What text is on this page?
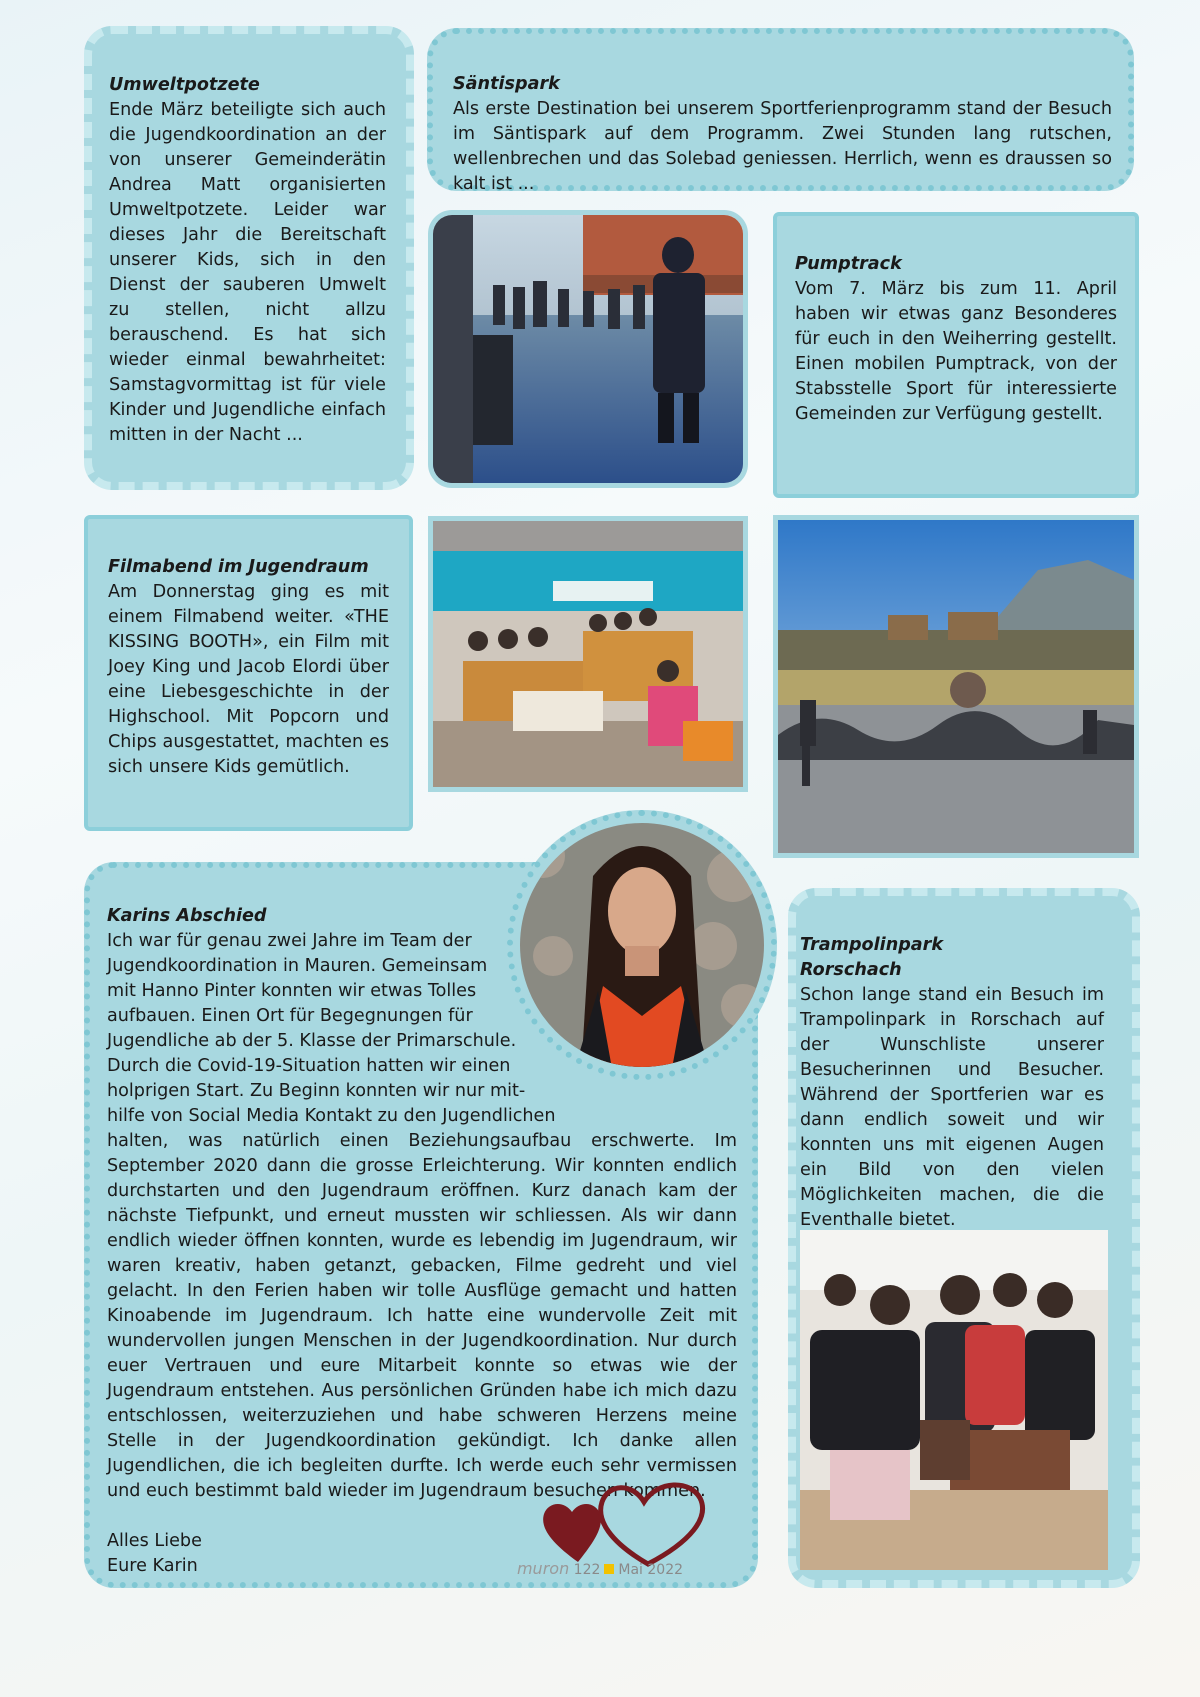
Umweltpotzete
Ende März beteiligte sich auch die Jugendkoordination an der von unserer Gemeinderätin Andrea Matt organisierten Umweltpotzete. Leider war dieses Jahr die Bereitschaft unserer Kids, sich in den Dienst der sauberen Umwelt zu stellen, nicht allzu berauschend. Es hat sich wieder einmal bewahrheitet: Samstagvormittag ist für viele Kinder und Jugendliche einfach mitten in der Nacht ...
Säntispark
Als erste Destination bei unserem Sportferienprogramm stand der Besuch im Säntispark auf dem Programm. Zwei Stunden lang rutschen, wellenbrechen und das Solebad geniessen. Herrlich, wenn es draussen so kalt ist ...
Pumptrack
Vom 7. März bis zum 11. April haben wir etwas ganz Besonderes für euch in den Weiherring gestellt. Einen mobilen Pumptrack, von der Stabsstelle Sport für interessierte Gemeinden zur Verfügung gestellt.
Filmabend im Jugendraum
Am Donnerstag ging es mit einem Filmabend weiter. «THE KISSING BOOTH», ein Film mit Joey King und Jacob Elordi über eine Liebesgeschichte in der Highschool. Mit Popcorn und Chips ausgestattet, machten es sich unsere Kids gemütlich.
Karins Abschied
Ich war für genau zwei Jahre im Team der
Jugendkoordination in Mauren. Gemeinsam
mit Hanno Pinter konnten wir etwas Tolles
aufbauen. Einen Ort für Begegnungen für
Jugendliche ab der 5. Klasse der Primarschule.
Durch die Covid-19-Situation hatten wir einen
holprigen Start. Zu Beginn konnten wir nur mit-
hilfe von Social Media Kontakt zu den Jugendlichen
halten, was natürlich einen Beziehungsaufbau erschwerte. Im September 2020 dann die grosse Erleichterung. Wir konnten endlich durchstarten und den Jugendraum eröffnen. Kurz danach kam der nächste Tiefpunkt, und erneut mussten wir schliessen. Als wir dann endlich wieder öffnen konnten, wurde es lebendig im Jugendraum, wir waren kreativ, haben getanzt, gebacken, Filme gedreht und viel gelacht. In den Ferien haben wir tolle Ausflüge gemacht und hatten Kinoabende im Jugendraum. Ich hatte eine wundervolle Zeit mit wundervollen jungen Menschen in der Jugendkoordination. Nur durch euer Vertrauen und eure Mitarbeit konnte so etwas wie der Jugendraum entstehen. Aus persönlichen Gründen habe ich mich dazu entschlossen, weiterzuziehen und habe schweren Herzens meine Stelle in der Jugendkoordination gekündigt. Ich danke allen Jugendlichen, die ich begleiten durfte. Ich werde euch sehr vermissen und euch bestimmt bald wieder im Jugendraum besuchen kommen.
Alles Liebe
Eure Karin
Trampolinpark
Rorschach
Schon lange stand ein Besuch im Trampolinpark in Rorschach auf der Wunschliste unserer Besucherinnen und Besucher. Während der Sportferien war es dann endlich soweit und wir konnten uns mit eigenen Augen ein Bild von den vielen Möglichkeiten machen, die die Eventhalle bietet.
muron 122 Mai 2022
